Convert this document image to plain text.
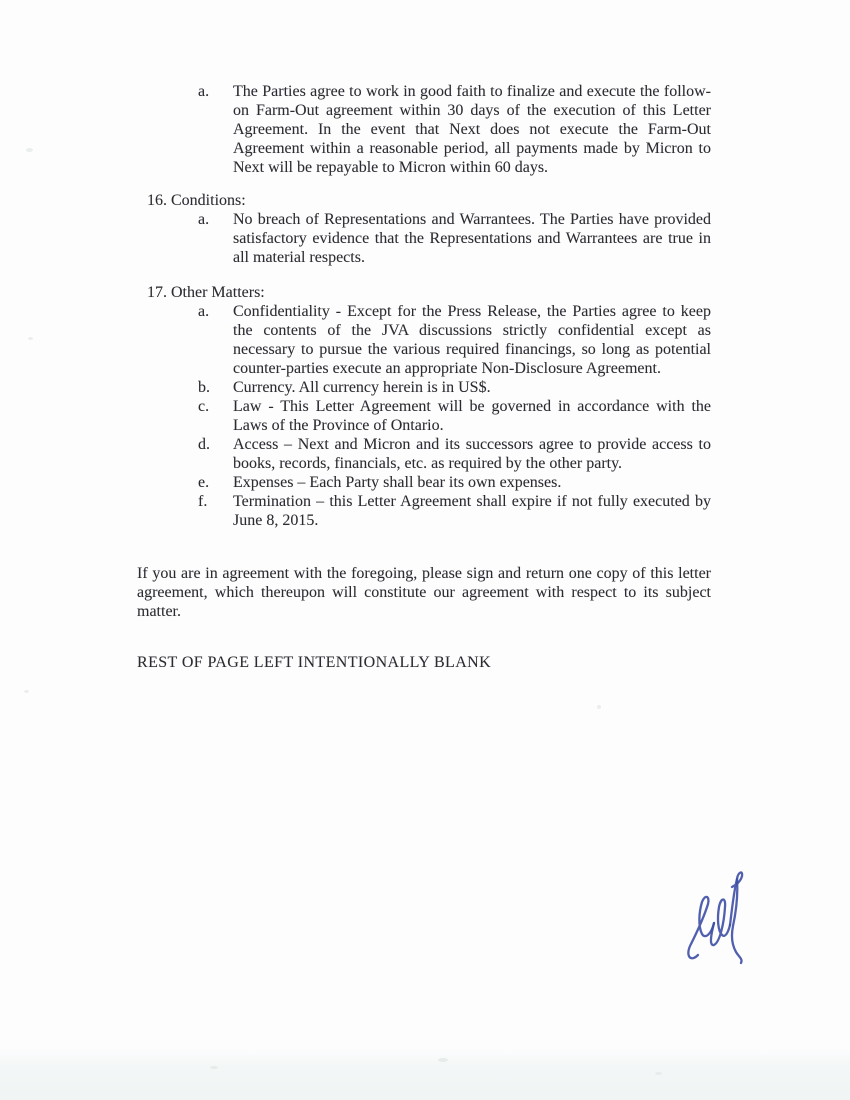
a.	The Parties agree to work in good faith to finalize and execute the follow-on Farm-Out agreement within 30 days of the execution of this Letter Agreement. In the event that Next does not execute the Farm-Out Agreement within a reasonable period, all payments made by Micron to Next will be repayable to Micron within 60 days.

16. Conditions:
a.	No breach of Representations and Warrantees. The Parties have provided satisfactory evidence that the Representations and Warrantees are true in all material respects.

17. Other Matters:
a.	Confidentiality - Except for the Press Release, the Parties agree to keep the contents of the JVA discussions strictly confidential except as necessary to pursue the various required financings, so long as potential counter-parties execute an appropriate Non-Disclosure Agreement.

b.	Currency. All currency herein is in US$.

c.	Law - This Letter Agreement will be governed in accordance with the Laws of the Province of Ontario.

d.	Access – Next and Micron and its successors agree to provide access to books, records, financials, etc. as required by the other party.

e.	Expenses – Each Party shall bear its own expenses.

f.	Termination – this Letter Agreement shall expire if not fully executed by June 8, 2015.

If you are in agreement with the foregoing, please sign and return one copy of this letter agreement, which thereupon will constitute our agreement with respect to its subject matter.

REST OF PAGE LEFT INTENTIONALLY BLANK
